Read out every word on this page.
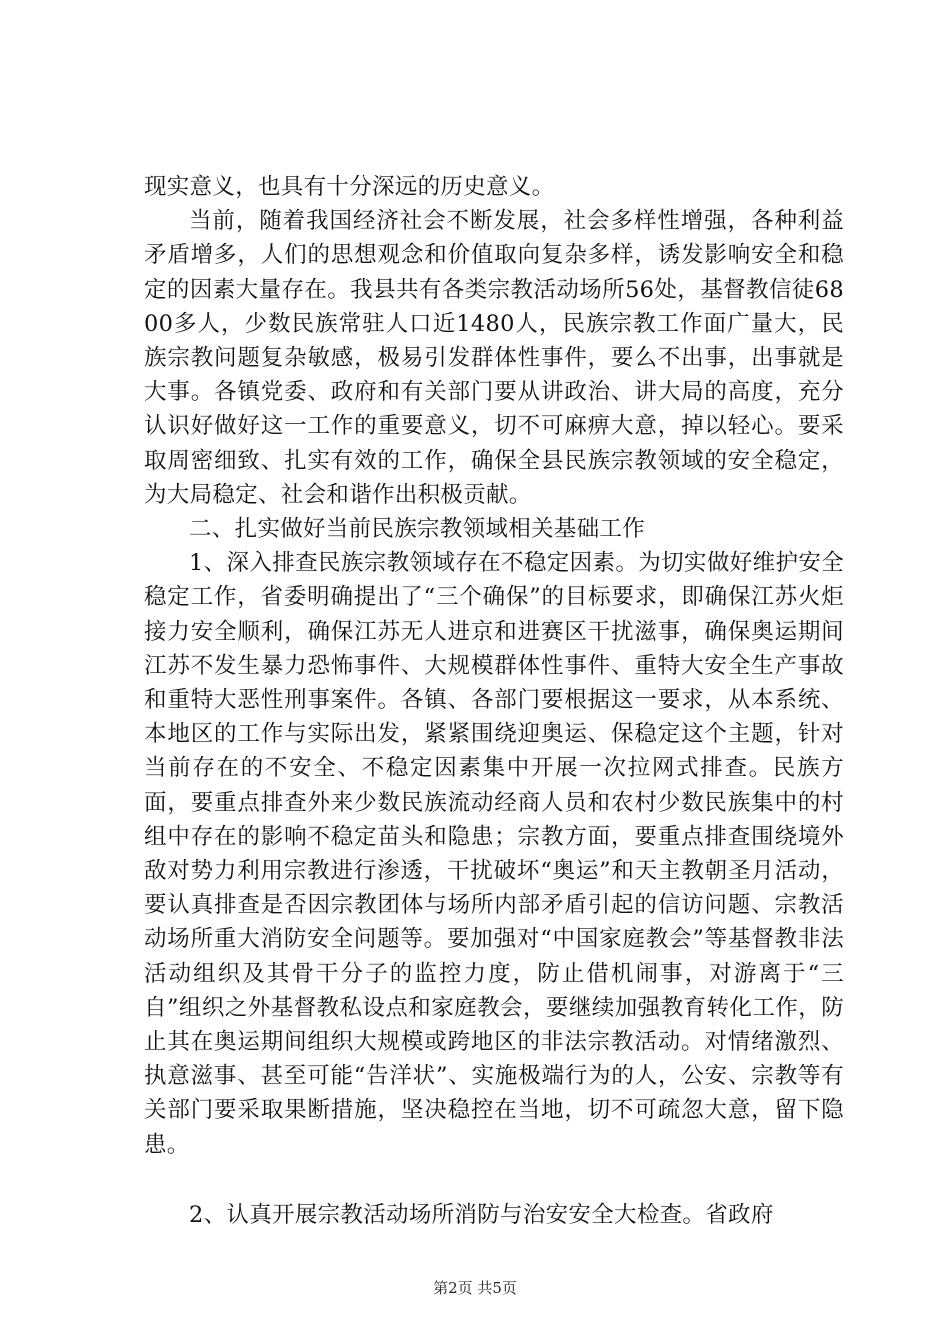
现实意义，也具有十分深远的历史意义。

当前，随着我国经济社会不断发展，社会多样性增强，各种利益矛盾增多，人们的思想观念和价值取向复杂多样，诱发影响安全和稳定的因素大量存在。我县共有各类宗教活动场所56处，基督教信徒6800多人，少数民族常驻人口近1480人，民族宗教工作面广量大，民族宗教问题复杂敏感，极易引发群体性事件，要么不出事，出事就是大事。各镇党委、政府和有关部门要从讲政治、讲大局的高度，充分认识好做好这一工作的重要意义，切不可麻痹大意，掉以轻心。要采取周密细致、扎实有效的工作，确保全县民族宗教领域的安全稳定，为大局稳定、社会和谐作出积极贡献。

二、扎实做好当前民族宗教领域相关基础工作

1、深入排查民族宗教领域存在不稳定因素。为切实做好维护安全稳定工作，省委明确提出了“三个确保”的目标要求，即确保江苏火炬接力安全顺利，确保江苏无人进京和进赛区干扰滋事，确保奥运期间江苏不发生暴力恐怖事件、大规模群体性事件、重特大安全生产事故和重特大恶性刑事案件。各镇、各部门要根据这一要求，从本系统、本地区的工作与实际出发，紧紧围绕迎奥运、保稳定这个主题，针对当前存在的不安全、不稳定因素集中开展一次拉网式排查。民族方面，要重点排查外来少数民族流动经商人员和农村少数民族集中的村组中存在的影响不稳定苗头和隐患；宗教方面，要重点排查围绕境外敌对势力利用宗教进行渗透，干扰破坏“奥运”和天主教朝圣月活动，要认真排查是否因宗教团体与场所内部矛盾引起的信访问题、宗教活动场所重大消防安全问题等。要加强对“中国家庭教会”等基督教非法活动组织及其骨干分子的监控力度，防止借机闹事，对游离于“三自”组织之外基督教私设点和家庭教会，要继续加强教育转化工作，防止其在奥运期间组织大规模或跨地区的非法宗教活动。对情绪激烈、执意滋事、甚至可能“告洋状”、实施极端行为的人，公安、宗教等有关部门要采取果断措施，坚决稳控在当地，切不可疏忽大意，留下隐患。

2、认真开展宗教活动场所消防与治安安全大检查。省政府

第2页 共5页
